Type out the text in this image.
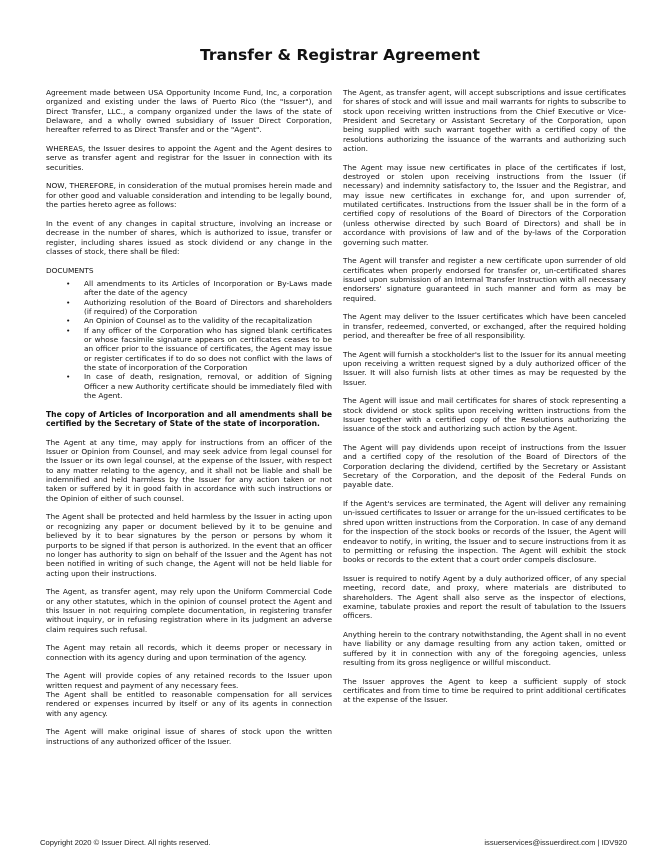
Transfer & Registrar Agreement

Agreement made between USA Opportunity Income Fund, Inc, a corporation organized and existing under the laws of Puerto Rico (the "Issuer"), and Direct Transfer, LLC., a company organized under the laws of the state of Delaware, and a wholly owned subsidiary of Issuer Direct Corporation, hereafter referred to as Direct Transfer and or the "Agent".

WHEREAS, the Issuer desires to appoint the Agent and the Agent desires to serve as transfer agent and registrar for the Issuer in connection with its securities.

NOW, THEREFORE, in consideration of the mutual promises herein made and for other good and valuable consideration and intending to be legally bound, the parties hereto agree as follows:

In the event of any changes in capital structure, involving an increase or decrease in the number of shares, which is authorized to issue, transfer or register, including shares issued as stock dividend or any change in the classes of stock, there shall be filed:

DOCUMENTS

• All amendments to its Articles of Incorporation or By-Laws made after the date of the agency
• Authorizing resolution of the Board of Directors and shareholders (if required) of the Corporation
• An Opinion of Counsel as to the validity of the recapitalization
• If any officer of the Corporation who has signed blank certificates or whose facsimile signature appears on certificates ceases to be an officer prior to the issuance of certificates, the Agent may issue or register certificates if to do so does not conflict with the laws of the state of incorporation of the Corporation
• In case of death, resignation, removal, or addition of Signing Officer a new Authority certificate should be immediately filed with the Agent.

The copy of Articles of Incorporation and all amendments shall be certified by the Secretary of State of the state of incorporation.

The Agent at any time, may apply for instructions from an officer of the Issuer or Opinion from Counsel, and may seek advice from legal counsel for the Issuer or its own legal counsel, at the expense of the Issuer, with respect to any matter relating to the agency, and it shall not be liable and shall be indemnified and held harmless by the Issuer for any action taken or not taken or suffered by it in good faith in accordance with such instructions or the Opinion of either of such counsel.

The Agent shall be protected and held harmless by the Issuer in acting upon or recognizing any paper or document believed by it to be genuine and believed by it to bear signatures by the person or persons by whom it purports to be signed if that person is authorized. In the event that an officer no longer has authority to sign on behalf of the Issuer and the Agent has not been notified in writing of such change, the Agent will not be held liable for acting upon their instructions.

The Agent, as transfer agent, may rely upon the Uniform Commercial Code or any other statutes, which in the opinion of counsel protect the Agent and this Issuer in not requiring complete documentation, in registering transfer without inquiry, or in refusing registration where in its judgment an adverse claim requires such refusal.

The Agent may retain all records, which it deems proper or necessary in connection with its agency during and upon termination of the agency.

The Agent will provide copies of any retained records to the Issuer upon written request and payment of any necessary fees.

The Agent shall be entitled to reasonable compensation for all services rendered or expenses incurred by itself or any of its agents in connection with any agency.

The Agent will make original issue of shares of stock upon the written instructions of any authorized officer of the Issuer.

The Agent, as transfer agent, will accept subscriptions and issue certificates for shares of stock and will issue and mail warrants for rights to subscribe to stock upon receiving written instructions from the Chief Executive or Vice-President and Secretary or Assistant Secretary of the Corporation, upon being supplied with such warrant together with a certified copy of the resolutions authorizing the issuance of the warrants and authorizing such action.

The Agent may issue new certificates in place of the certificates if lost, destroyed or stolen upon receiving instructions from the Issuer (if necessary) and indemnity satisfactory to, the Issuer and the Registrar, and may issue new certificates in exchange for, and upon surrender of, mutilated certificates. Instructions from the Issuer shall be in the form of a certified copy of resolutions of the Board of Directors of the Corporation (unless otherwise directed by such Board of Directors) and shall be in accordance with provisions of law and of the by-laws of the Corporation governing such matter.

The Agent will transfer and register a new certificate upon surrender of old certificates when properly endorsed for transfer or, un-certificated shares issued upon submission of an Internal Transfer Instruction with all necessary endorsers' signature guaranteed in such manner and form as may be required.

The Agent may deliver to the Issuer certificates which have been canceled in transfer, redeemed, converted, or exchanged, after the required holding period, and thereafter be free of all responsibility.

The Agent will furnish a stockholder's list to the Issuer for its annual meeting upon receiving a written request signed by a duly authorized officer of the Issuer. It will also furnish lists at other times as may be requested by the Issuer.

The Agent will issue and mail certificates for shares of stock representing a stock dividend or stock splits upon receiving written instructions from the Issuer together with a certified copy of the Resolutions authorizing the issuance of the stock and authorizing such action by the Agent.

The Agent will pay dividends upon receipt of instructions from the Issuer and a certified copy of the resolution of the Board of Directors of the Corporation declaring the dividend, certified by the Secretary or Assistant Secretary of the Corporation, and the deposit of the Federal Funds on payable date.

If the Agent's services are terminated, the Agent will deliver any remaining un-issued certificates to Issuer or arrange for the un-issued certificates to be shred upon written instructions from the Corporation. In case of any demand for the inspection of the stock books or records of the Issuer, the Agent will endeavor to notify, in writing, the Issuer and to secure instructions from it as to permitting or refusing the inspection. The Agent will exhibit the stock books or records to the extent that a court order compels disclosure.

Issuer is required to notify Agent by a duly authorized officer, of any special meeting, record date, and proxy, where materials are distributed to shareholders. The Agent shall also serve as the inspector of elections, examine, tabulate proxies and report the result of tabulation to the Issuers officers.

Anything herein to the contrary notwithstanding, the Agent shall in no event have liability or any damage resulting from any action taken, omitted or suffered by it in connection with any of the foregoing agencies, unless resulting from its gross negligence or willful misconduct.

The Issuer approves the Agent to keep a sufficient supply of stock certificates and from time to time be required to print additional certificates at the expense of the Issuer.

Copyright 2020 © Issuer Direct. All rights reserved.	issuerservices@issuerdirect.com | IDV920
